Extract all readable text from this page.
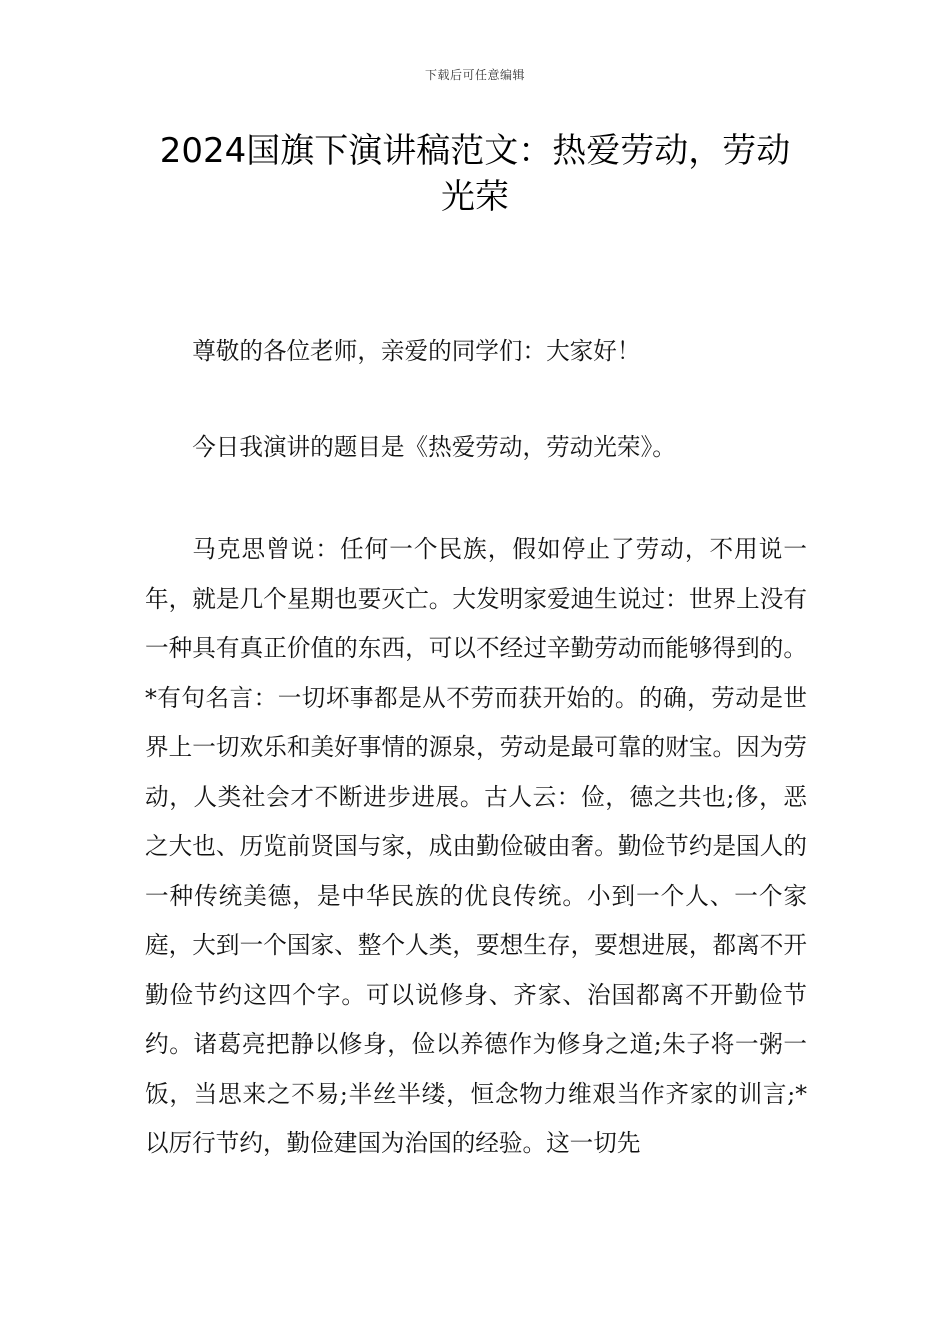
下载后可任意编辑
2024国旗下演讲稿范文：热爱劳动，劳动光荣

尊敬的各位老师，亲爱的同学们：大家好！

今日我演讲的题目是《热爱劳动，劳动光荣》。

马克思曾说：任何一个民族，假如停止了劳动，不用说一年，就是几个星期也要灭亡。大发明家爱迪生说过：世界上没有一种具有真正价值的东西，可以不经过辛勤劳动而能够得到的。*有句名言：一切坏事都是从不劳而获开始的。的确，劳动是世界上一切欢乐和美好事情的源泉，劳动是最可靠的财宝。因为劳动，人类社会才不断进步进展。古人云：俭，德之共也;侈，恶之大也、历览前贤国与家，成由勤俭破由奢。勤俭节约是国人的一种传统美德，是中华民族的优良传统。小到一个人、一个家庭，大到一个国家、整个人类，要想生存，要想进展，都离不开勤俭节约这四个字。可以说修身、齐家、治国都离不开勤俭节约。诸葛亮把静以修身，俭以养德作为修身之道;朱子将一粥一饭，当思来之不易;半丝半缕，恒念物力维艰当作齐家的训言;*以厉行节约，勤俭建国为治国的经验。这一切先
